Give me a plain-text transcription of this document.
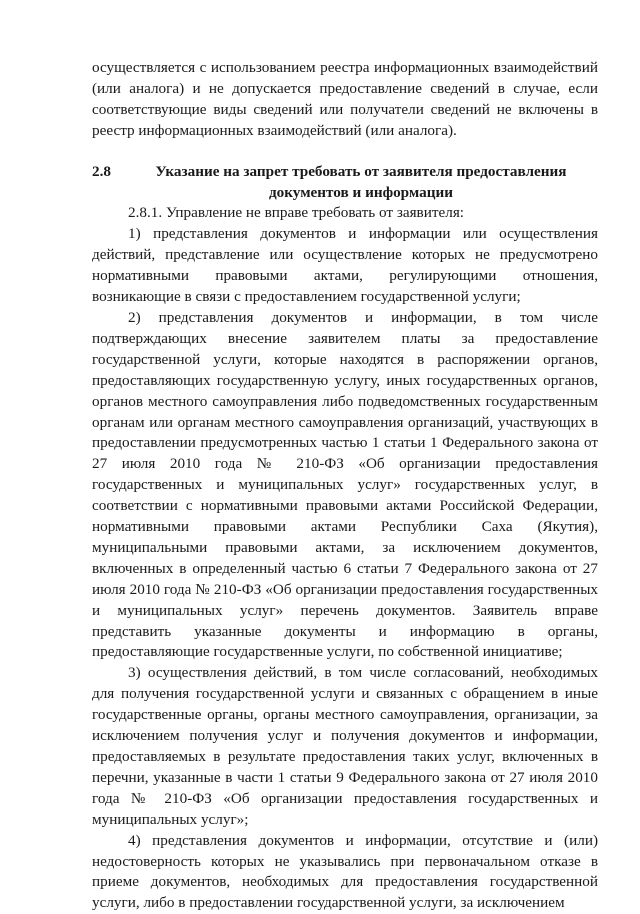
осуществляется с использованием реестра информационных взаимодействий (или аналога) и не допускается предоставление сведений в случае, если соответствующие виды сведений или получатели сведений не включены в реестр информационных взаимодействий (или аналога).

2.8	Указание на запрет требовать от заявителя предоставления документов и информации

2.8.1. Управление не вправе требовать от заявителя:

1) представления документов и информации или осуществления действий, представление или осуществление которых не предусмотрено нормативными правовыми актами, регулирующими отношения, возникающие в связи с предоставлением государственной услуги;

2) представления документов и информации, в том числе подтверждающих внесение заявителем платы за предоставление государственной услуги, которые находятся в распоряжении органов, предоставляющих государственную услугу, иных государственных органов, органов местного самоуправления либо подведомственных государственным органам или органам местного самоуправления организаций, участвующих в предоставлении предусмотренных частью 1 статьи 1 Федерального закона от 27 июля 2010 года № 210-ФЗ «Об организации предоставления государственных и муниципальных услуг» государственных услуг, в соответствии с нормативными правовыми актами Российской Федерации, нормативными правовыми актами Республики Саха (Якутия), муниципальными правовыми актами, за исключением документов, включенных в определенный частью 6 статьи 7 Федерального закона от 27 июля 2010 года № 210-ФЗ «Об организации предоставления государственных и муниципальных услуг» перечень документов. Заявитель вправе представить указанные документы и информацию в органы, предоставляющие государственные услуги, по собственной инициативе;

3) осуществления действий, в том числе согласований, необходимых для получения государственной услуги и связанных с обращением в иные государственные органы, органы местного самоуправления, организации, за исключением получения услуг и получения документов и информации, предоставляемых в результате предоставления таких услуг, включенных в перечни, указанные в части 1 статьи 9 Федерального закона от 27 июля 2010 года № 210-ФЗ «Об организации предоставления государственных и муниципальных услуг»;

4) представления документов и информации, отсутствие и (или) недостоверность которых не указывались при первоначальном отказе в приеме документов, необходимых для предоставления государственной услуги, либо в предоставлении государственной услуги, за исключением
